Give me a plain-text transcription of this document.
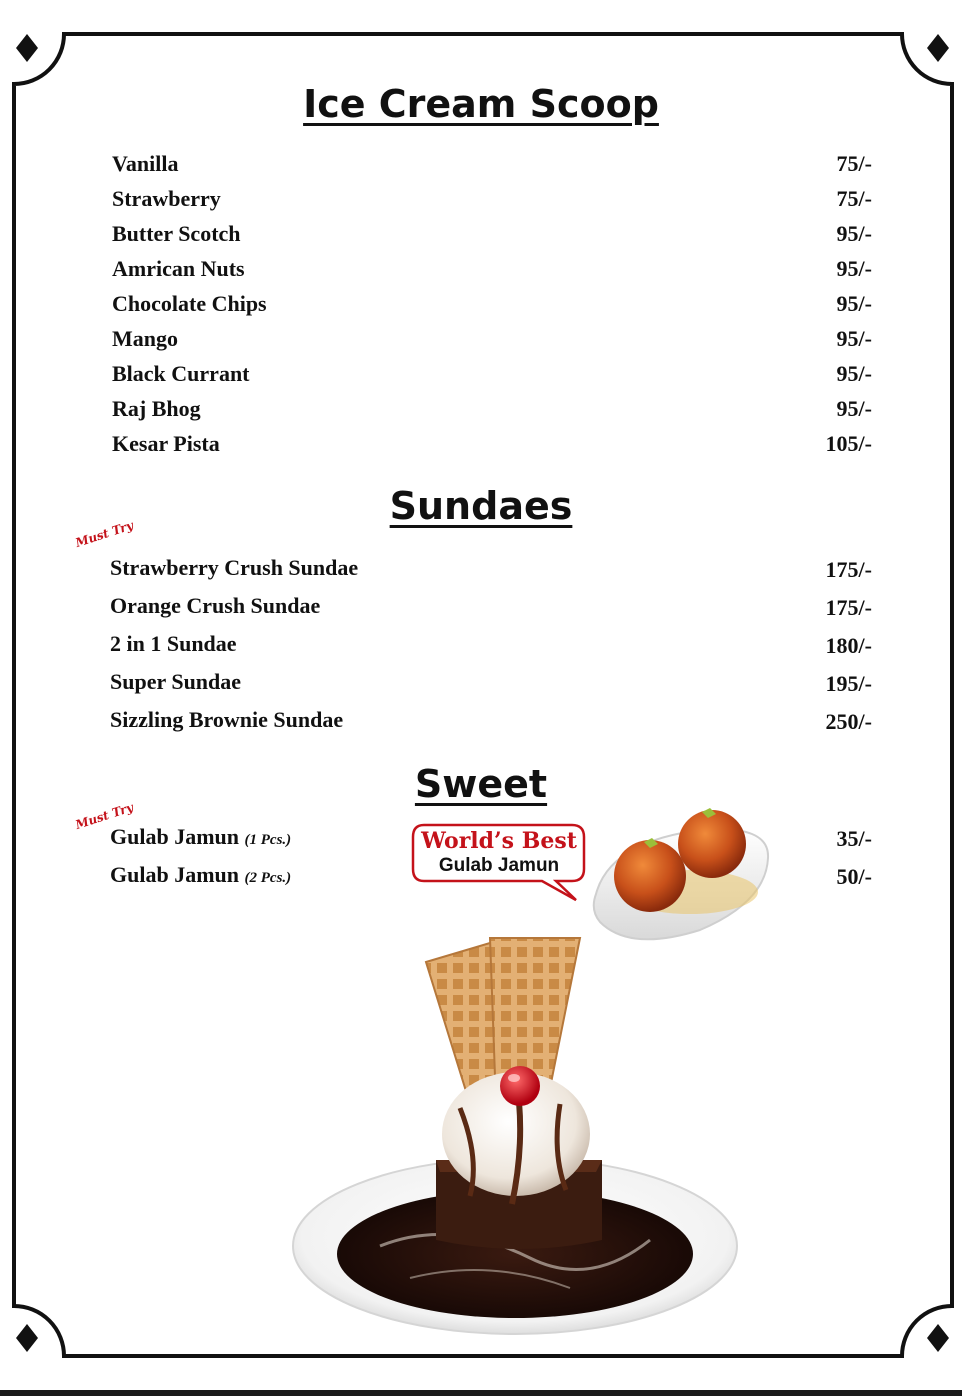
Ice Cream Scoop
Vanilla	75/-
Strawberry	75/-
Butter Scotch	95/-
Amrican Nuts	95/-
Chocolate Chips	95/-
Mango	95/-
Black Currant	95/-
Raj Bhog	95/-
Kesar Pista	105/-
Sundaes
Must Try
Strawberry Crush Sundae	175/-
Orange Crush Sundae	175/-
2 in 1 Sundae	180/-
Super Sundae	195/-
Sizzling Brownie Sundae	250/-
Sweet
Must Try
Gulab Jamun (1 Pcs.)	35/-
Gulab Jamun (2 Pcs.)	50/-
World’s Best
Gulab Jamun
